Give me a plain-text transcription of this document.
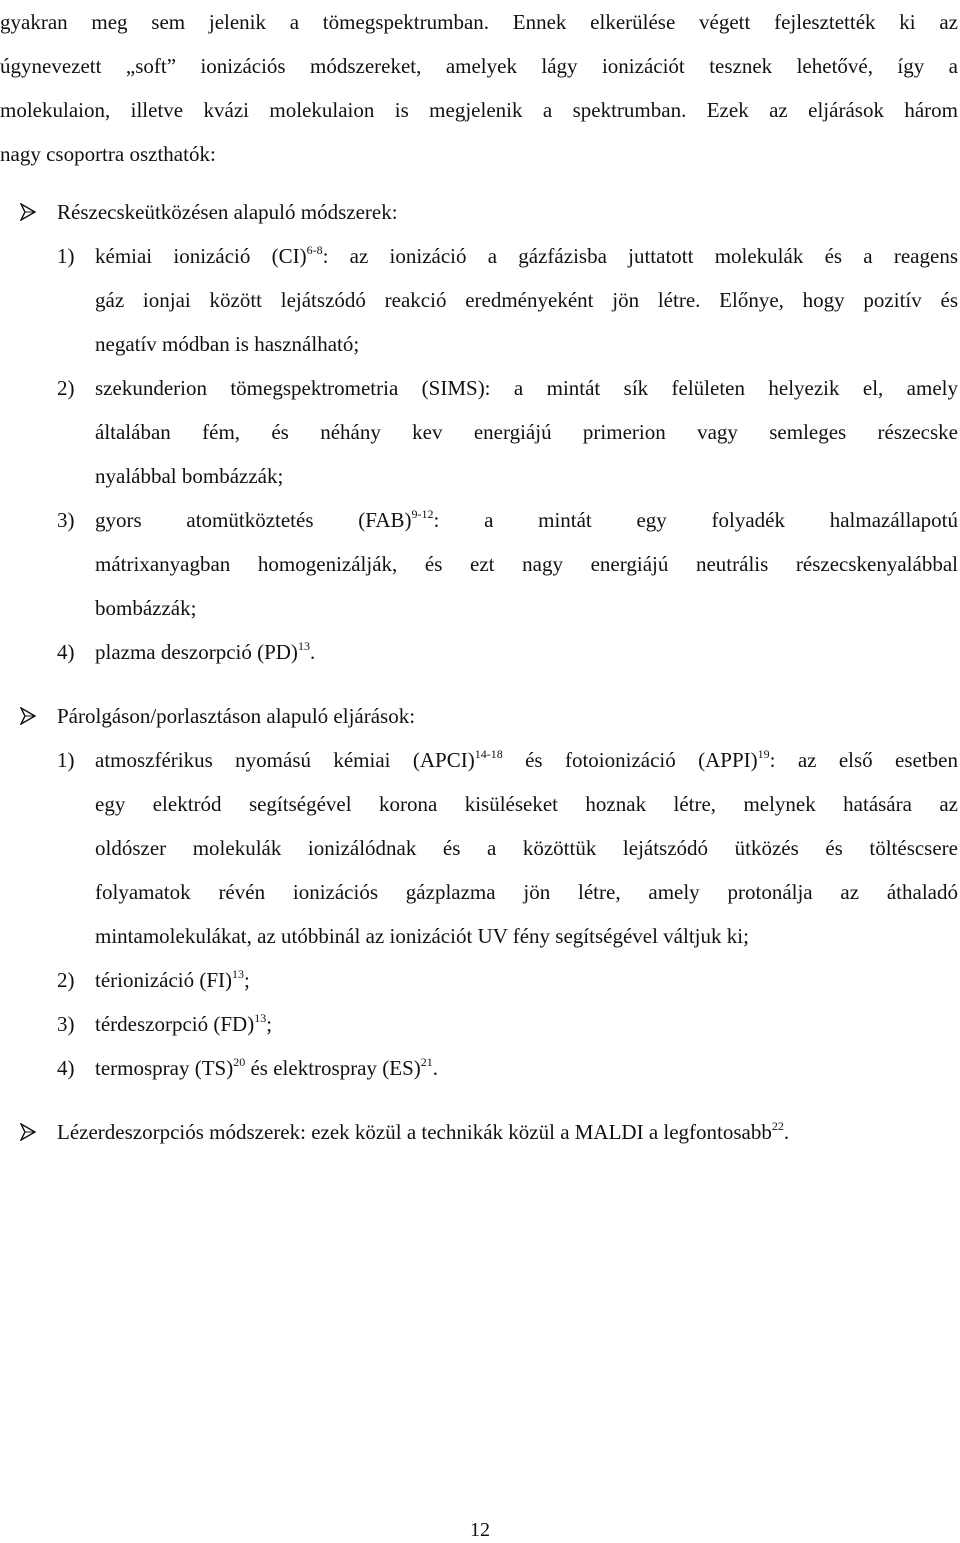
gyakran meg sem jelenik a tömegspektrumban. Ennek elkerülése végett fejlesztették ki az
úgynevezett „soft” ionizációs módszereket, amelyek lágy ionizációt tesznek lehetővé, így a
molekulaion, illetve kvázi molekulaion is megjelenik a spektrumban. Ezek az eljárások három
nagy csoportra oszthatók:
Részecskeütközésen alapuló módszerek:
1) kémiai ionizáció (CI)$^{6-8}$: az ionizáció a gázfázisba juttatott molekulák és a reagens
gáz ionjai között lejátszódó reakció eredményeként jön létre. Előnye, hogy pozitív és
negatív módban is használható;
2) szekunderion tömegspektrometria (SIMS): a mintát sík felületen helyezik el, amely
általában fém, és néhány kev energiájú primerion vagy semleges részecske
nyalábbal bombázzák;
3) gyors atomütköztetés (FAB)$^{9-12}$: a mintát egy folyadék halmazállapotú
mátrixanyagban homogenizálják, és ezt nagy energiájú neutrális részecskenyalábbal
bombázzák;
4) plazma deszorpció (PD)$^{13}$.
Párolgáson/porlasztáson alapuló eljárások:
1) atmoszférikus nyomású kémiai (APCI)$^{14-18}$ és fotoionizáció (APPI)$^{19}$: az első esetben
egy elektród segítségével korona kisüléseket hoznak létre, melynek hatására az
oldószer molekulák ionizálódnak és a közöttük lejátszódó ütközés és töltéscsere
folyamatok révén ionizációs gázplazma jön létre, amely protonálja az áthaladó
mintamolekulákat, az utóbbinál az ionizációt UV fény segítségével váltjuk ki;
2) térionizáció (FI)$^{13}$;
3) térdeszorpció (FD)$^{13}$;
4) termospray (TS)$^{20}$ és elektrospray (ES)$^{21}$.
Lézerdeszorpciós módszerek: ezek közül a technikák közül a MALDI a legfontosabb$^{22}$.
12
